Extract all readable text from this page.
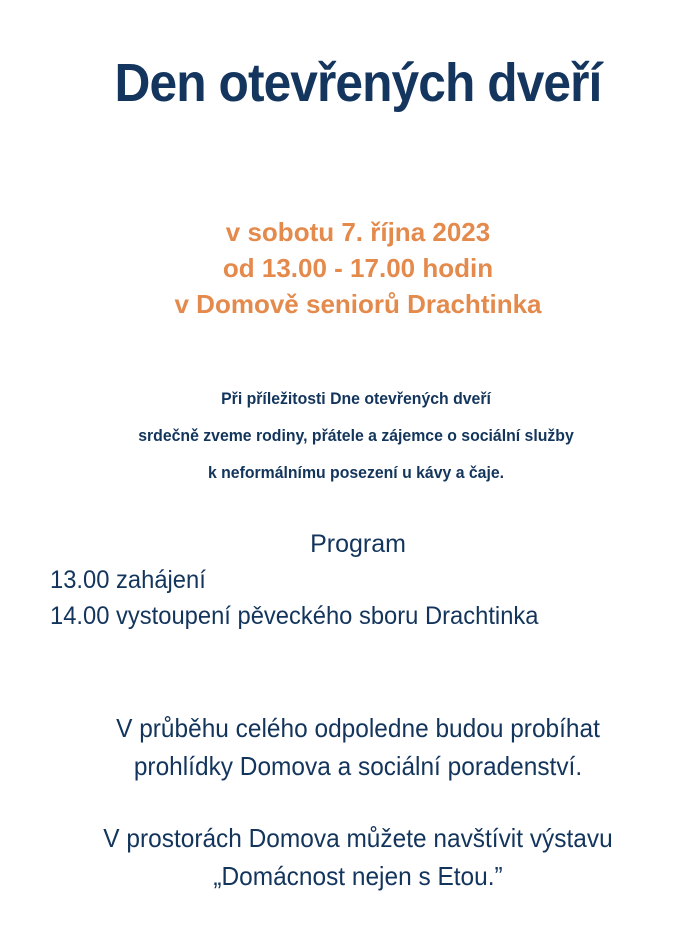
Den otevřených dveří
v sobotu 7. října 2023
od 13.00 - 17.00 hodin
v Domově seniorů Drachtinka
Při příležitosti Dne otevřených dveří
srdečně zveme rodiny, přátele a zájemce o sociální služby
k neformálnímu posezení u kávy a čaje.
Program
13.00 zahájení
14.00 vystoupení pěveckého sboru Drachtinka
V průběhu celého odpoledne budou probíhat
prohlídky Domova a sociální poradenství.
V prostorách Domova můžete navštívit výstavu
„Domácnost nejen s Etou.”
